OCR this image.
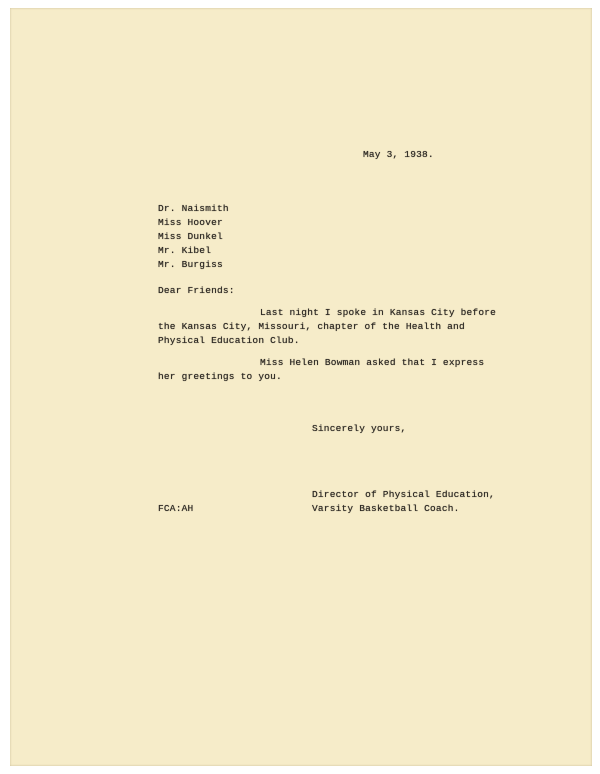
May 3, 1938.
Dr. Naismith
Miss Hoover
Miss Dunkel
Mr. Kibel
Mr. Burgiss
Dear Friends:
Last night I spoke in Kansas City before
the Kansas City, Missouri, chapter of the Health and
Physical Education Club.
Miss Helen Bowman asked that I express
her greetings to you.
Sincerely yours,
Director of Physical Education,
Varsity Basketball Coach.
FCA:AH
